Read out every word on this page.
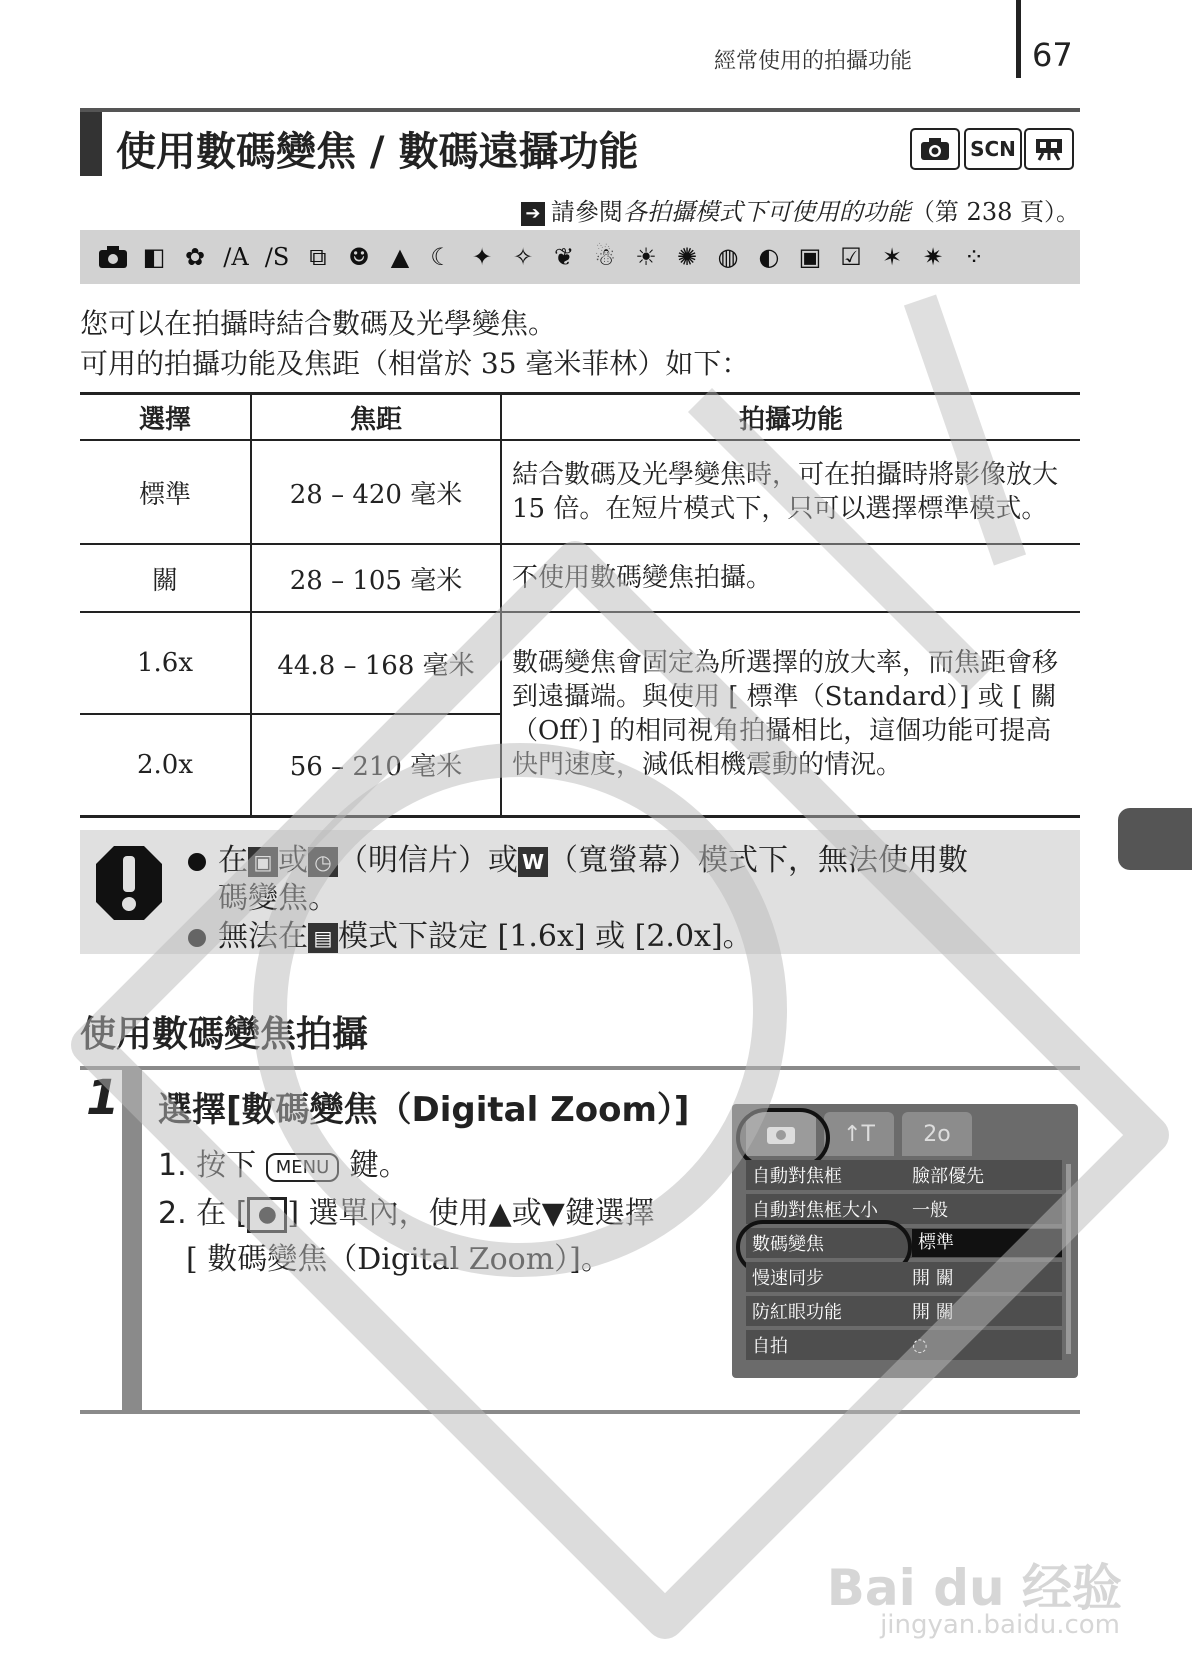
經常使用的拍攝功能	67
使用數碼變焦 / 數碼遠攝功能	SCN
➔ 請參閱各拍攝模式下可使用的功能（第 238 頁）。
◧ ✿ ∕A ∕S ⧉ ☻ ▲ ☾ ✦ ✧ ❦ ☃ ☀ ✺ ◍ ◐ ▣ ☑ ✶ ✷ ⁘
您可以在拍攝時結合數碼及光學變焦。
可用的拍攝功能及焦距（相當於 35 毫米菲林）如下：
選擇	焦距	拍攝功能
標準	28 – 420 毫米	結合數碼及光學變焦時，可在拍攝時將影像放大 15 倍。在短片模式下，只可以選擇標準模式。
關	28 – 105 毫米	不使用數碼變焦拍攝。
1.6x	44.8 – 168 毫米	數碼變焦會固定為所選擇的放大率，而焦距會移到遠攝端。與使用 [ 標準（Standard）] 或 [ 關（Off）] 的相同視角拍攝相比，這個功能可提高快門速度，減低相機震動的情況。
2.0x	56 – 210 毫米	
在 ▣ 或 ◷ （明信片）或 W （寬螢幕）模式下，無法使用數
碼變焦。
無法在 ▤ 模式下設定 [1.6x] 或 [2.0x]。
使用數碼變焦拍攝
1 選擇[數碼變焦（Digital Zoom）]
1. 按下 MENU 鍵。
2. 在 [ ● ] 選單內，使用▲或▼鍵選擇
[ 數碼變焦（Digital Zoom）]。
↑T	2o
自動對焦框	臉部優先
自動對焦框大小	一般
數碼變焦	標準
慢速同步	開 關
防紅眼功能	開 關
自拍	◌
Bai du 经验
jingyan.baidu.com
